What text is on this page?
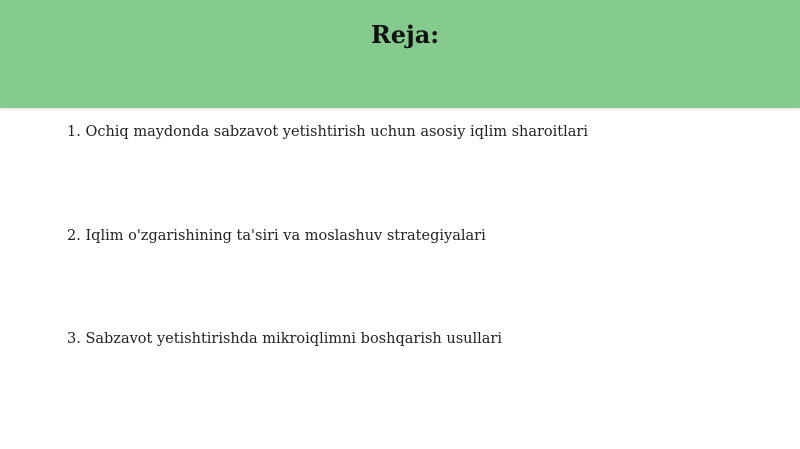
Reja:
1. Ochiq maydonda sabzavot yetishtirish uchun asosiy iqlim sharoitlari
2. Iqlim o'zgarishining ta'siri va moslashuv strategiyalari
3. Sabzavot yetishtirishda mikroiqlimni boshqarish usullari
